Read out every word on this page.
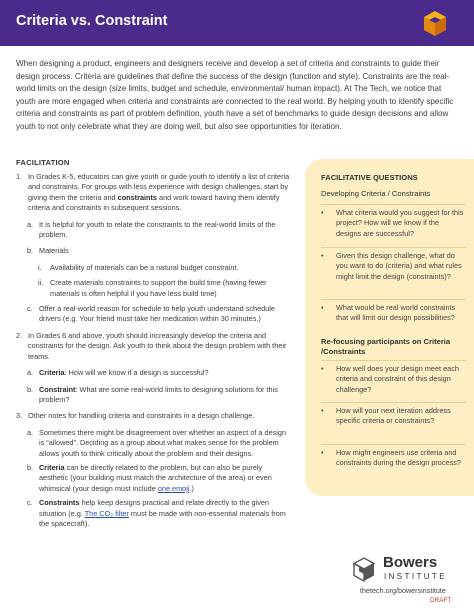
Criteria vs. Constraint

When designing a product, engineers and designers receive and develop a set of criteria and constraints to guide their design process. Criteria are guidelines that define the success of the design (function and style). Constraints are the real-world limits on the design (size limits, budget and schedule, environmental/ human impact). At The Tech, we notice that youth are more engaged when criteria and constraints are connected to the real world. By helping youth to identify specific criteria and constraints as part of problem definition, youth have a set of benchmarks to guide design decisions and allow youth to not only celebrate what they are doing well, but also see opportunities for iteration.

FACILITATION
1. In Grades K-5, educators can give youth or guide youth to identify a list of criteria and constraints. For groups with less experience with design challenges, start by giving them the criteria and constraints and work toward having them identify criteria and constraints in subsequent sessions.
a. It is helpful for youth to relate the constraints to the real-world limits of the problem.
b. Materials
i. Availability of materials can be a natural budget constraint.
ii. Create materials constraints to support the build time (having fewer materials is often helpful if you have less build time)
c. Offer a real-world reason for schedule to help youth understand schedule drivers (e.g. Your friend must take her medication within 30 minutes.)
2. In Grades 6 and above, youth should increasingly develop the criteria and constraints for the design. Ask youth to think about the design problem with their teams.
a. Criteria: How will we know if a design is successful?
b. Constraint: What are some real-world limits to designing solutions for this problem?
3. Other notes for handling criteria and constraints in a design challenge.
a. Sometimes there might be disagreement over whether an aspect of a design is “allowed”. Deciding as a group about what makes sense for the problem allows youth to think critically about the problem and their designs.
b. Criteria can be directly related to the problem, but can also be purely aesthetic (your building must match the architecture of the area) or even whimsical (your design must include one emoji.)
c. Constraints help keep designs practical and relate directly to the given situation (e.g. The CO₂ filter must be made with non-essential materials from the spacecraft).
FACILITATIVE QUESTIONS
Developing Criteria / Constraints
• What criteria would you suggest for this project? How will we know if the designs are successful?
• Given this design challenge, what do you want to do (criteria) and what rules might limit the design (constraints)?
• What would be real world constraints that will limit our design possibilities?
Re-focusing participants on Criteria /Constraints
• How well does your design meet each criteria and constraint of this design challenge?
• How will your next iteration address specific criteria or constraints?
• How might engineers use criteria and constraints during the design process?
Bowers
INSTITUTE
thetech.org/bowersinstitute
DRAFT
